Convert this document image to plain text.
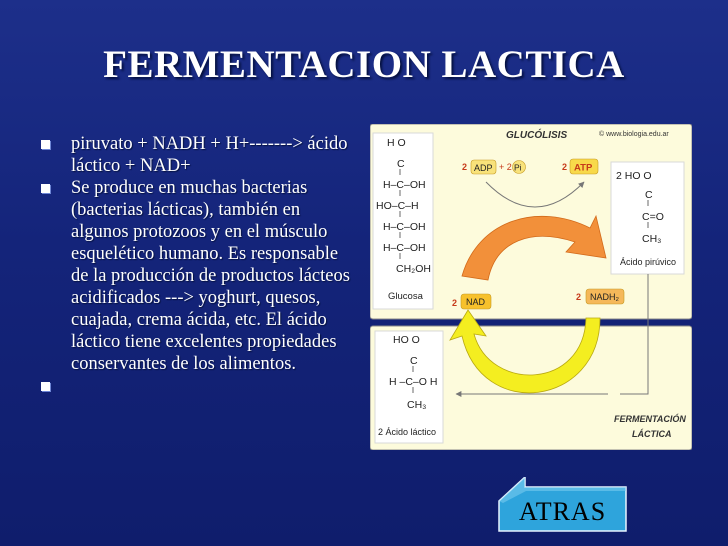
FERMENTACION LACTICA
piruvato + NADH + H+-------> ácido láctico + NAD+
Se produce en muchas bacterias (bacterias lácticas), también en algunos protozoos y en el músculo esquelético humano. Es responsable de la producción de productos lácteos acidificados ---> yoghurt, quesos, cuajada, crema ácida, etc. El ácido láctico tiene excelentes propiedades conservantes de los alimentos.

GLUCÓLISIS	© www.biologia.edu.ar
H O
C
H–C–OH
HO–C–H
H–C–OH
H–C–OH
CH₂OH
Glucosa
2 ADP + 2 Pi	2 ATP
2 HO O
C
C=O
CH₃
Ácido pirúvico
2 NAD	2 NADH₂
HO O
C
H –C–O H
CH₃
2 Ácido láctico
FERMENTACIÓN
LÁCTICA
ATRAS
